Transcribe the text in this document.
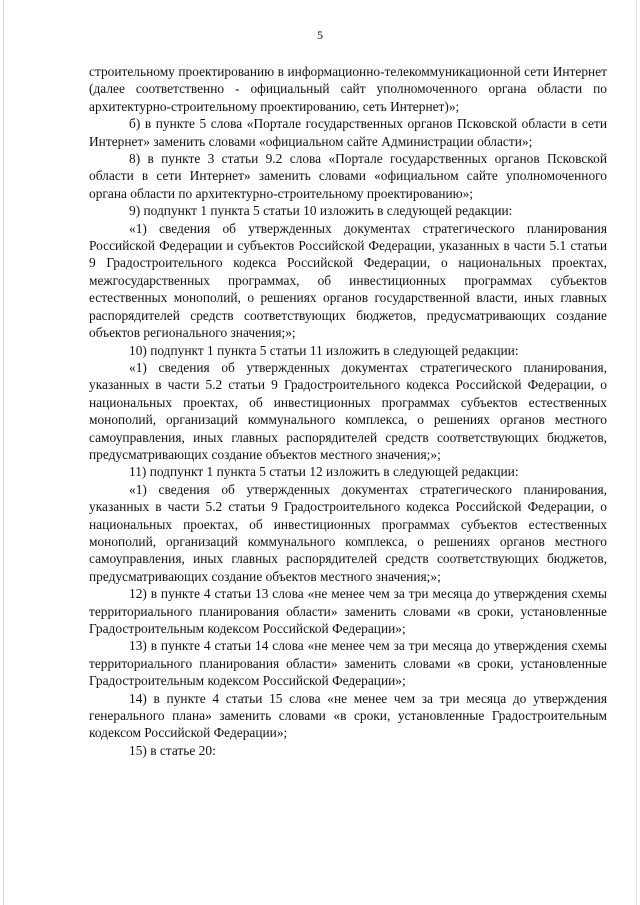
5

строительному проектированию в информационно-телекоммуникационной сети Интернет (далее соответственно - официальный сайт уполномоченного органа области по архитектурно-строительному проектированию, сеть Интернет)»;

б) в пункте 5 слова «Портале государственных органов Псковской области в сети Интернет» заменить словами «официальном сайте Администрации области»;

8) в пункте 3 статьи 9.2 слова «Портале государственных органов Псковской области в сети Интернет» заменить словами «официальном сайте уполномоченного органа области по архитектурно-строительному проектированию»;

9) подпункт 1 пункта 5 статьи 10 изложить в следующей редакции:

«1) сведения об утвержденных документах стратегического планирования Российской Федерации и субъектов Российской Федерации, указанных в части 5.1 статьи 9 Градостроительного кодекса Российской Федерации, о национальных проектах, межгосударственных программах, об инвестиционных программах субъектов естественных монополий, о решениях органов государственной власти, иных главных распорядителей средств соответствующих бюджетов, предусматривающих создание объектов регионального значения;»;

10) подпункт 1 пункта 5 статьи 11 изложить в следующей редакции:

«1) сведения об утвержденных документах стратегического планирования, указанных в части 5.2 статьи 9 Градостроительного кодекса Российской Федерации, о национальных проектах, об инвестиционных программах субъектов естественных монополий, организаций коммунального комплекса, о решениях органов местного самоуправления, иных главных распорядителей средств соответствующих бюджетов, предусматривающих создание объектов местного значения;»;

11) подпункт 1 пункта 5 статьи 12 изложить в следующей редакции:

«1) сведения об утвержденных документах стратегического планирования, указанных в части 5.2 статьи 9 Градостроительного кодекса Российской Федерации, о национальных проектах, об инвестиционных программах субъектов естественных монополий, организаций коммунального комплекса, о решениях органов местного самоуправления, иных главных распорядителей средств соответствующих бюджетов, предусматривающих создание объектов местного значения;»;

12) в пункте 4 статьи 13 слова «не менее чем за три месяца до утверждения схемы территориального планирования области» заменить словами «в сроки, установленные Градостроительным кодексом Российской Федерации»;

13) в пункте 4 статьи 14 слова «не менее чем за три месяца до утверждения схемы территориального планирования области» заменить словами «в сроки, установленные Градостроительным кодексом Российской Федерации»;

14) в пункте 4 статьи 15 слова «не менее чем за три месяца до утверждения генерального плана» заменить словами «в сроки, установленные Градостроительным кодексом Российской Федерации»;

15) в статье 20:
